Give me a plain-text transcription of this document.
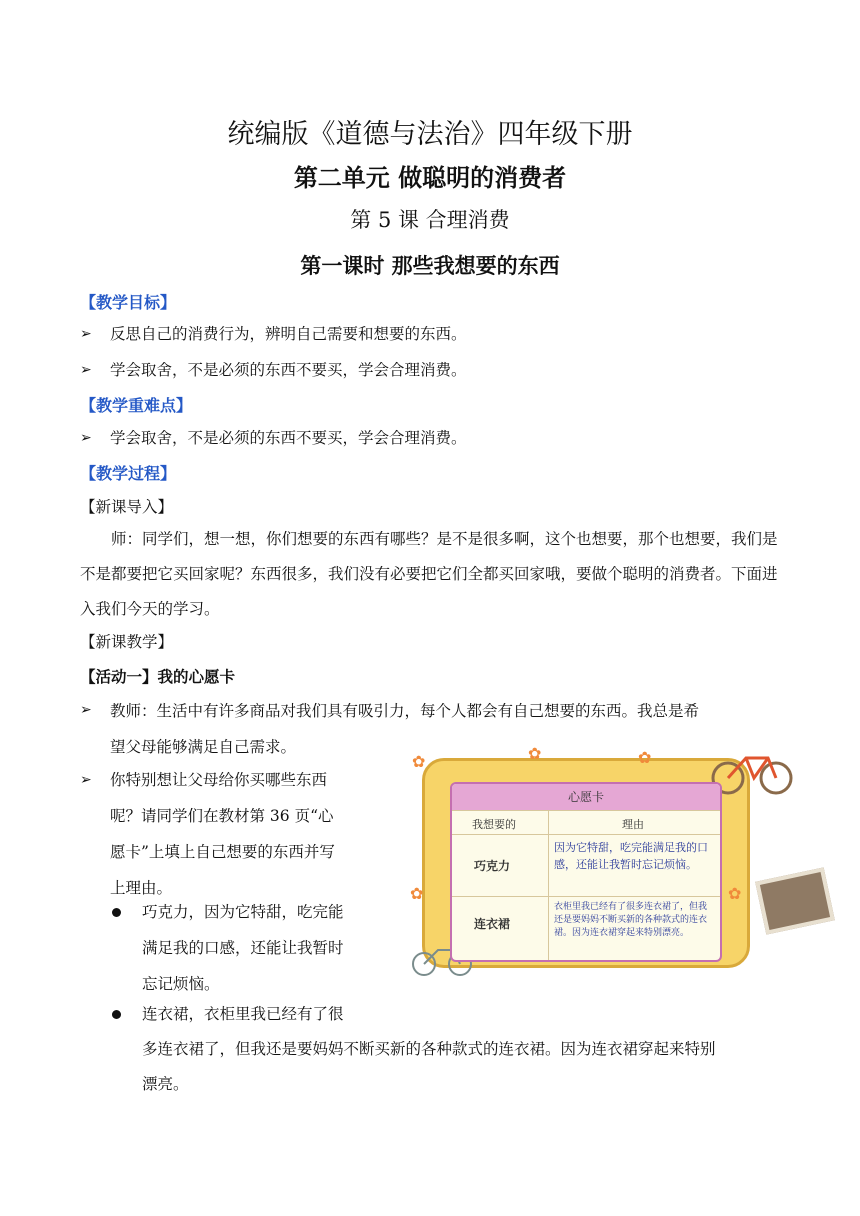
统编版《道德与法治》四年级下册
第二单元 做聪明的消费者
第 5 课 合理消费
第一课时 那些我想要的东西
【教学目标】
➢ 反思自己的消费行为，辨明自己需要和想要的东西。
➢ 学会取舍，不是必须的东西不要买，学会合理消费。
【教学重难点】
➢ 学会取舍，不是必须的东西不要买，学会合理消费。
【教学过程】
【新课导入】
师：同学们，想一想，你们想要的东西有哪些？是不是很多啊，这个也想要，那个也想要，我们是不是都要把它买回家呢？东西很多，我们没有必要把它们全都买回家哦，要做个聪明的消费者。下面进入我们今天的学习。
【新课教学】
【活动一】我的心愿卡
➢ 教师：生活中有许多商品对我们具有吸引力，每个人都会有自己想要的东西。我总是希
望父母能够满足自己需求。
➢ 你特别想让父母给你买哪些东西
呢？请同学们在教材第 36 页“心
愿卡”上填上自己想要的东西并写
上理由。
巧克力，因为它特甜，吃完能
满足我的口感，还能让我暂时
忘记烦恼。
连衣裙，衣柜里我已经有了很
多连衣裙了，但我还是要妈妈不断买新的各种款式的连衣裙。因为连衣裙穿起来特别
漂亮。
✿	✿	✿
✿	✿
心愿卡
我想要的	理由
巧克力
因为它特甜，吃完能满足我的口感，还能让我暂时忘记烦恼。
连衣裙
衣柜里我已经有了很多连衣裙了，但我还是要妈妈不断买新的各种款式的连衣裙。因为连衣裙穿起来特别漂亮。
